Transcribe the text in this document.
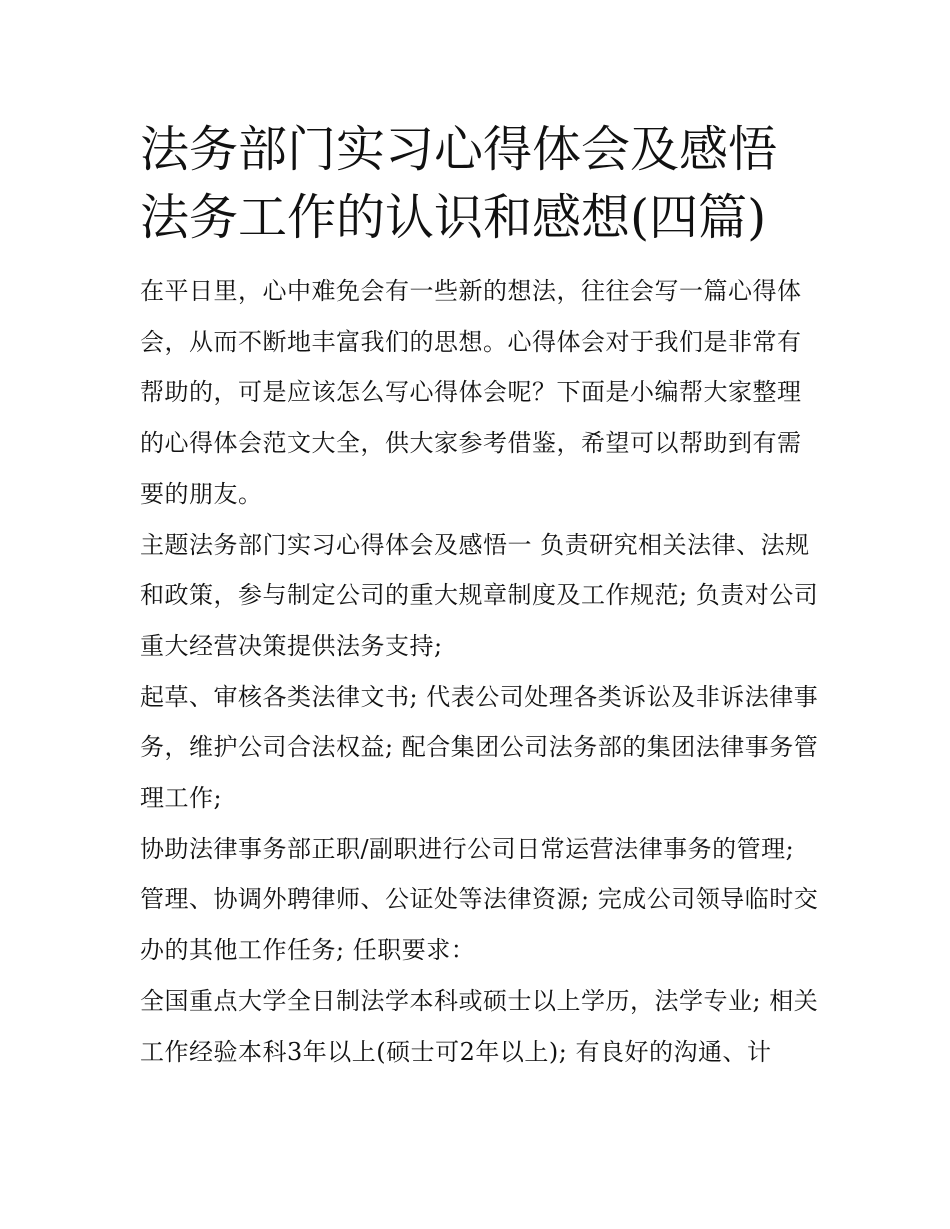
法务部门实习心得体会及感悟法务工作的认识和感想(四篇)

在平日里，心中难免会有一些新的想法，往往会写一篇心得体会，从而不断地丰富我们的思想。心得体会对于我们是非常有帮助的，可是应该怎么写心得体会呢？下面是小编帮大家整理的心得体会范文大全，供大家参考借鉴，希望可以帮助到有需要的朋友。

主题法务部门实习心得体会及感悟一 负责研究相关法律、法规和政策，参与制定公司的重大规章制度及工作规范; 负责对公司重大经营决策提供法务支持;

起草、审核各类法律文书; 代表公司处理各类诉讼及非诉法律事务，维护公司合法权益; 配合集团公司法务部的集团法律事务管理工作;

协助法律事务部正职/副职进行公司日常运营法律事务的管理; 管理、协调外聘律师、公证处等法律资源; 完成公司领导临时交办的其他工作任务; 任职要求：

全国重点大学全日制法学本科或硕士以上学历，法学专业; 相关工作经验本科3年以上(硕士可2年以上); 有良好的沟通、计
